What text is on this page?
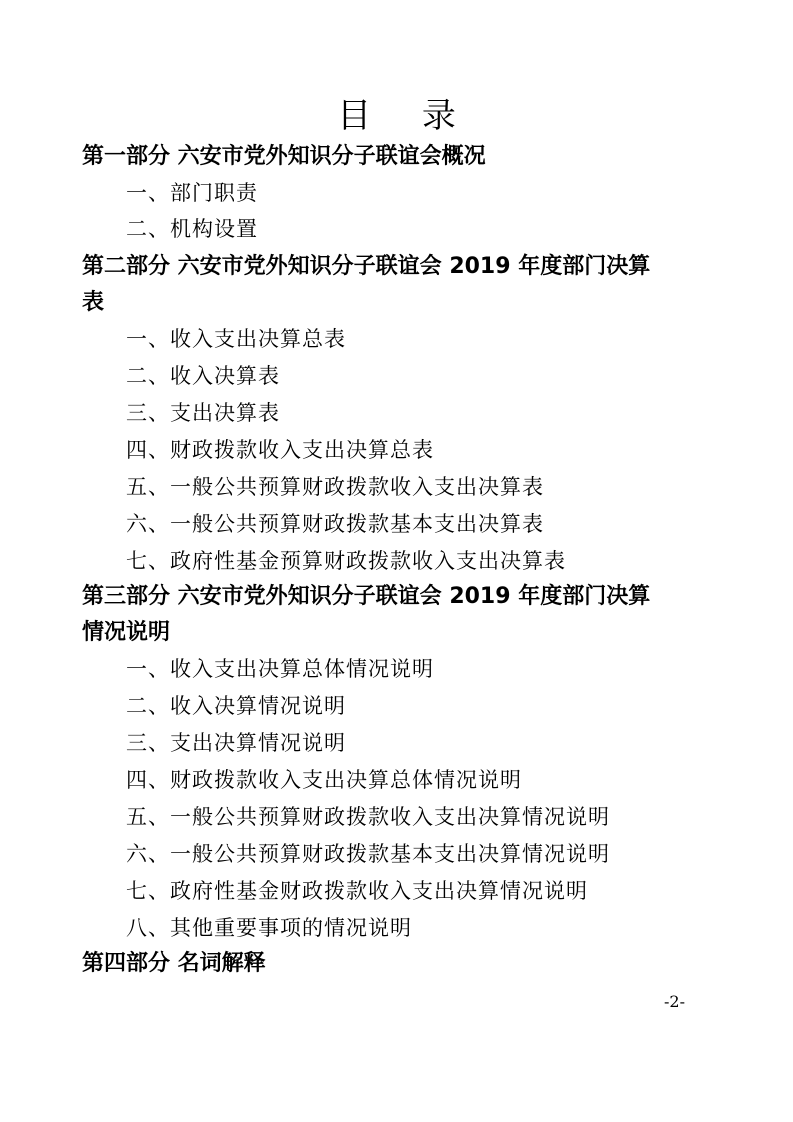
目 录
第一部分 六安市党外知识分子联谊会概况
一、部门职责
二、机构设置
第二部分 六安市党外知识分子联谊会 2019 年度部门决算
表
一、收入支出决算总表
二、收入决算表
三、支出决算表
四、财政拨款收入支出决算总表
五、一般公共预算财政拨款收入支出决算表
六、一般公共预算财政拨款基本支出决算表
七、政府性基金预算财政拨款收入支出决算表
第三部分 六安市党外知识分子联谊会 2019 年度部门决算
情况说明
一、收入支出决算总体情况说明
二、收入决算情况说明
三、支出决算情况说明
四、财政拨款收入支出决算总体情况说明
五、一般公共预算财政拨款收入支出决算情况说明
六、一般公共预算财政拨款基本支出决算情况说明
七、政府性基金财政拨款收入支出决算情况说明
八、其他重要事项的情况说明
第四部分 名词解释
-2-
